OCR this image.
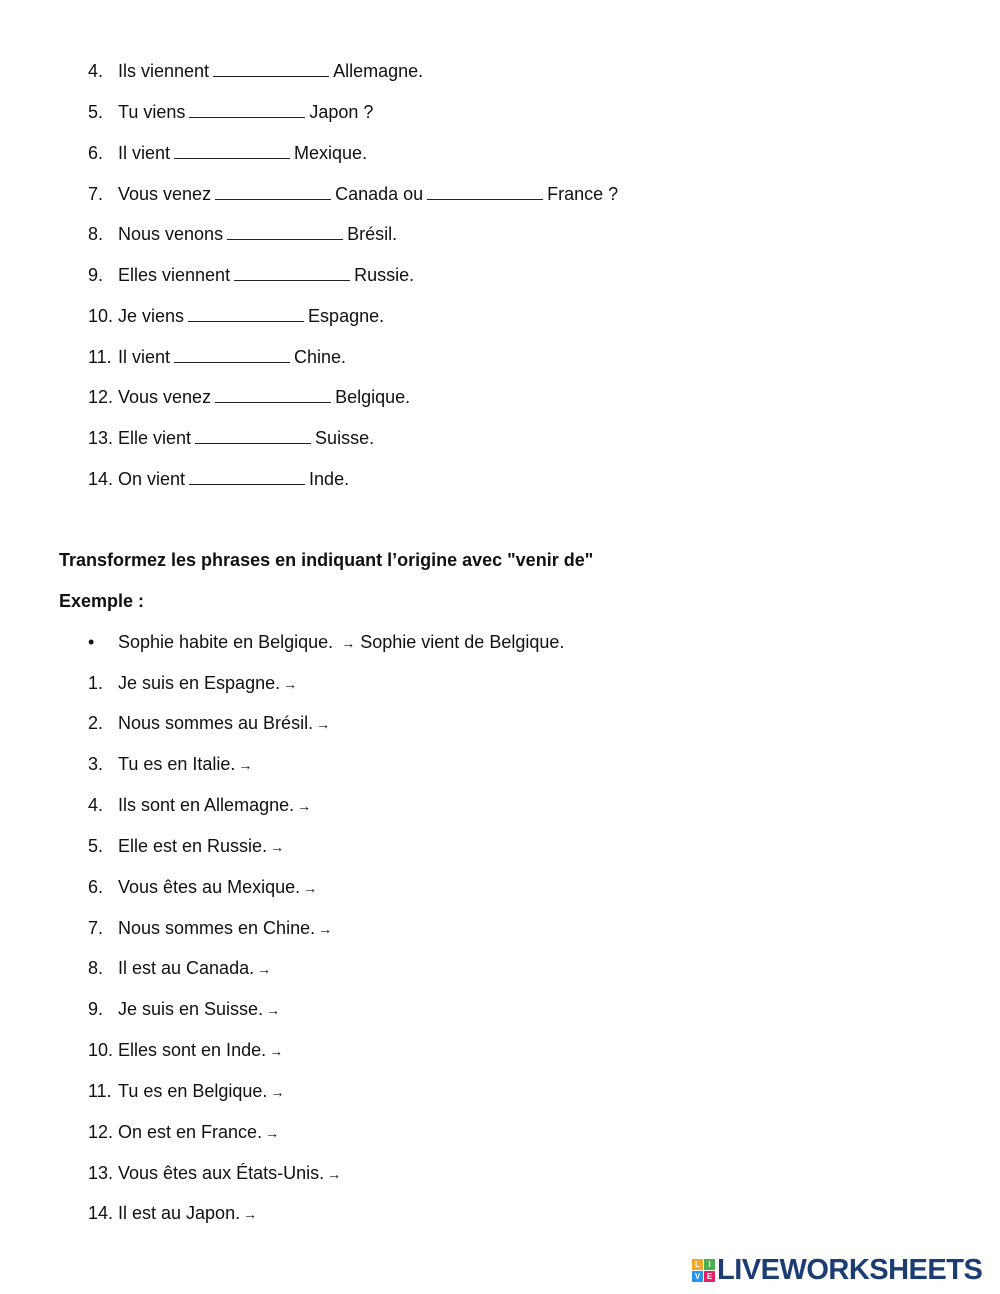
4. Ils viennent	Allemagne.
5. Tu viens	Japon ?
6. Il vient	Mexique.
7. Vous venez	Canada ou	France ?
8. Nous venons	Brésil.
9. Elles viennent	Russie.
10. Je viens	Espagne.
11. Il vient	Chine.
12. Vous venez	Belgique.
13. Elle vient	Suisse.
14. On vient	Inde.
Transformez les phrases en indiquant l’origine avec "venir de"
Exemple :
• Sophie habite en Belgique. → Sophie vient de Belgique.
1. Je suis en Espagne. →
2. Nous sommes au Brésil. →
3. Tu es en Italie. →
4. Ils sont en Allemagne. →
5. Elle est en Russie. →
6. Vous êtes au Mexique. →
7. Nous sommes en Chine. →
8. Il est au Canada. →
9. Je suis en Suisse. →
10. Elles sont en Inde. →
11. Tu es en Belgique. →
12. On est en France. →
13. Vous êtes aux États-Unis. →
14. Il est au Japon. →
L	I
V E LIVEWORKSHEETS
